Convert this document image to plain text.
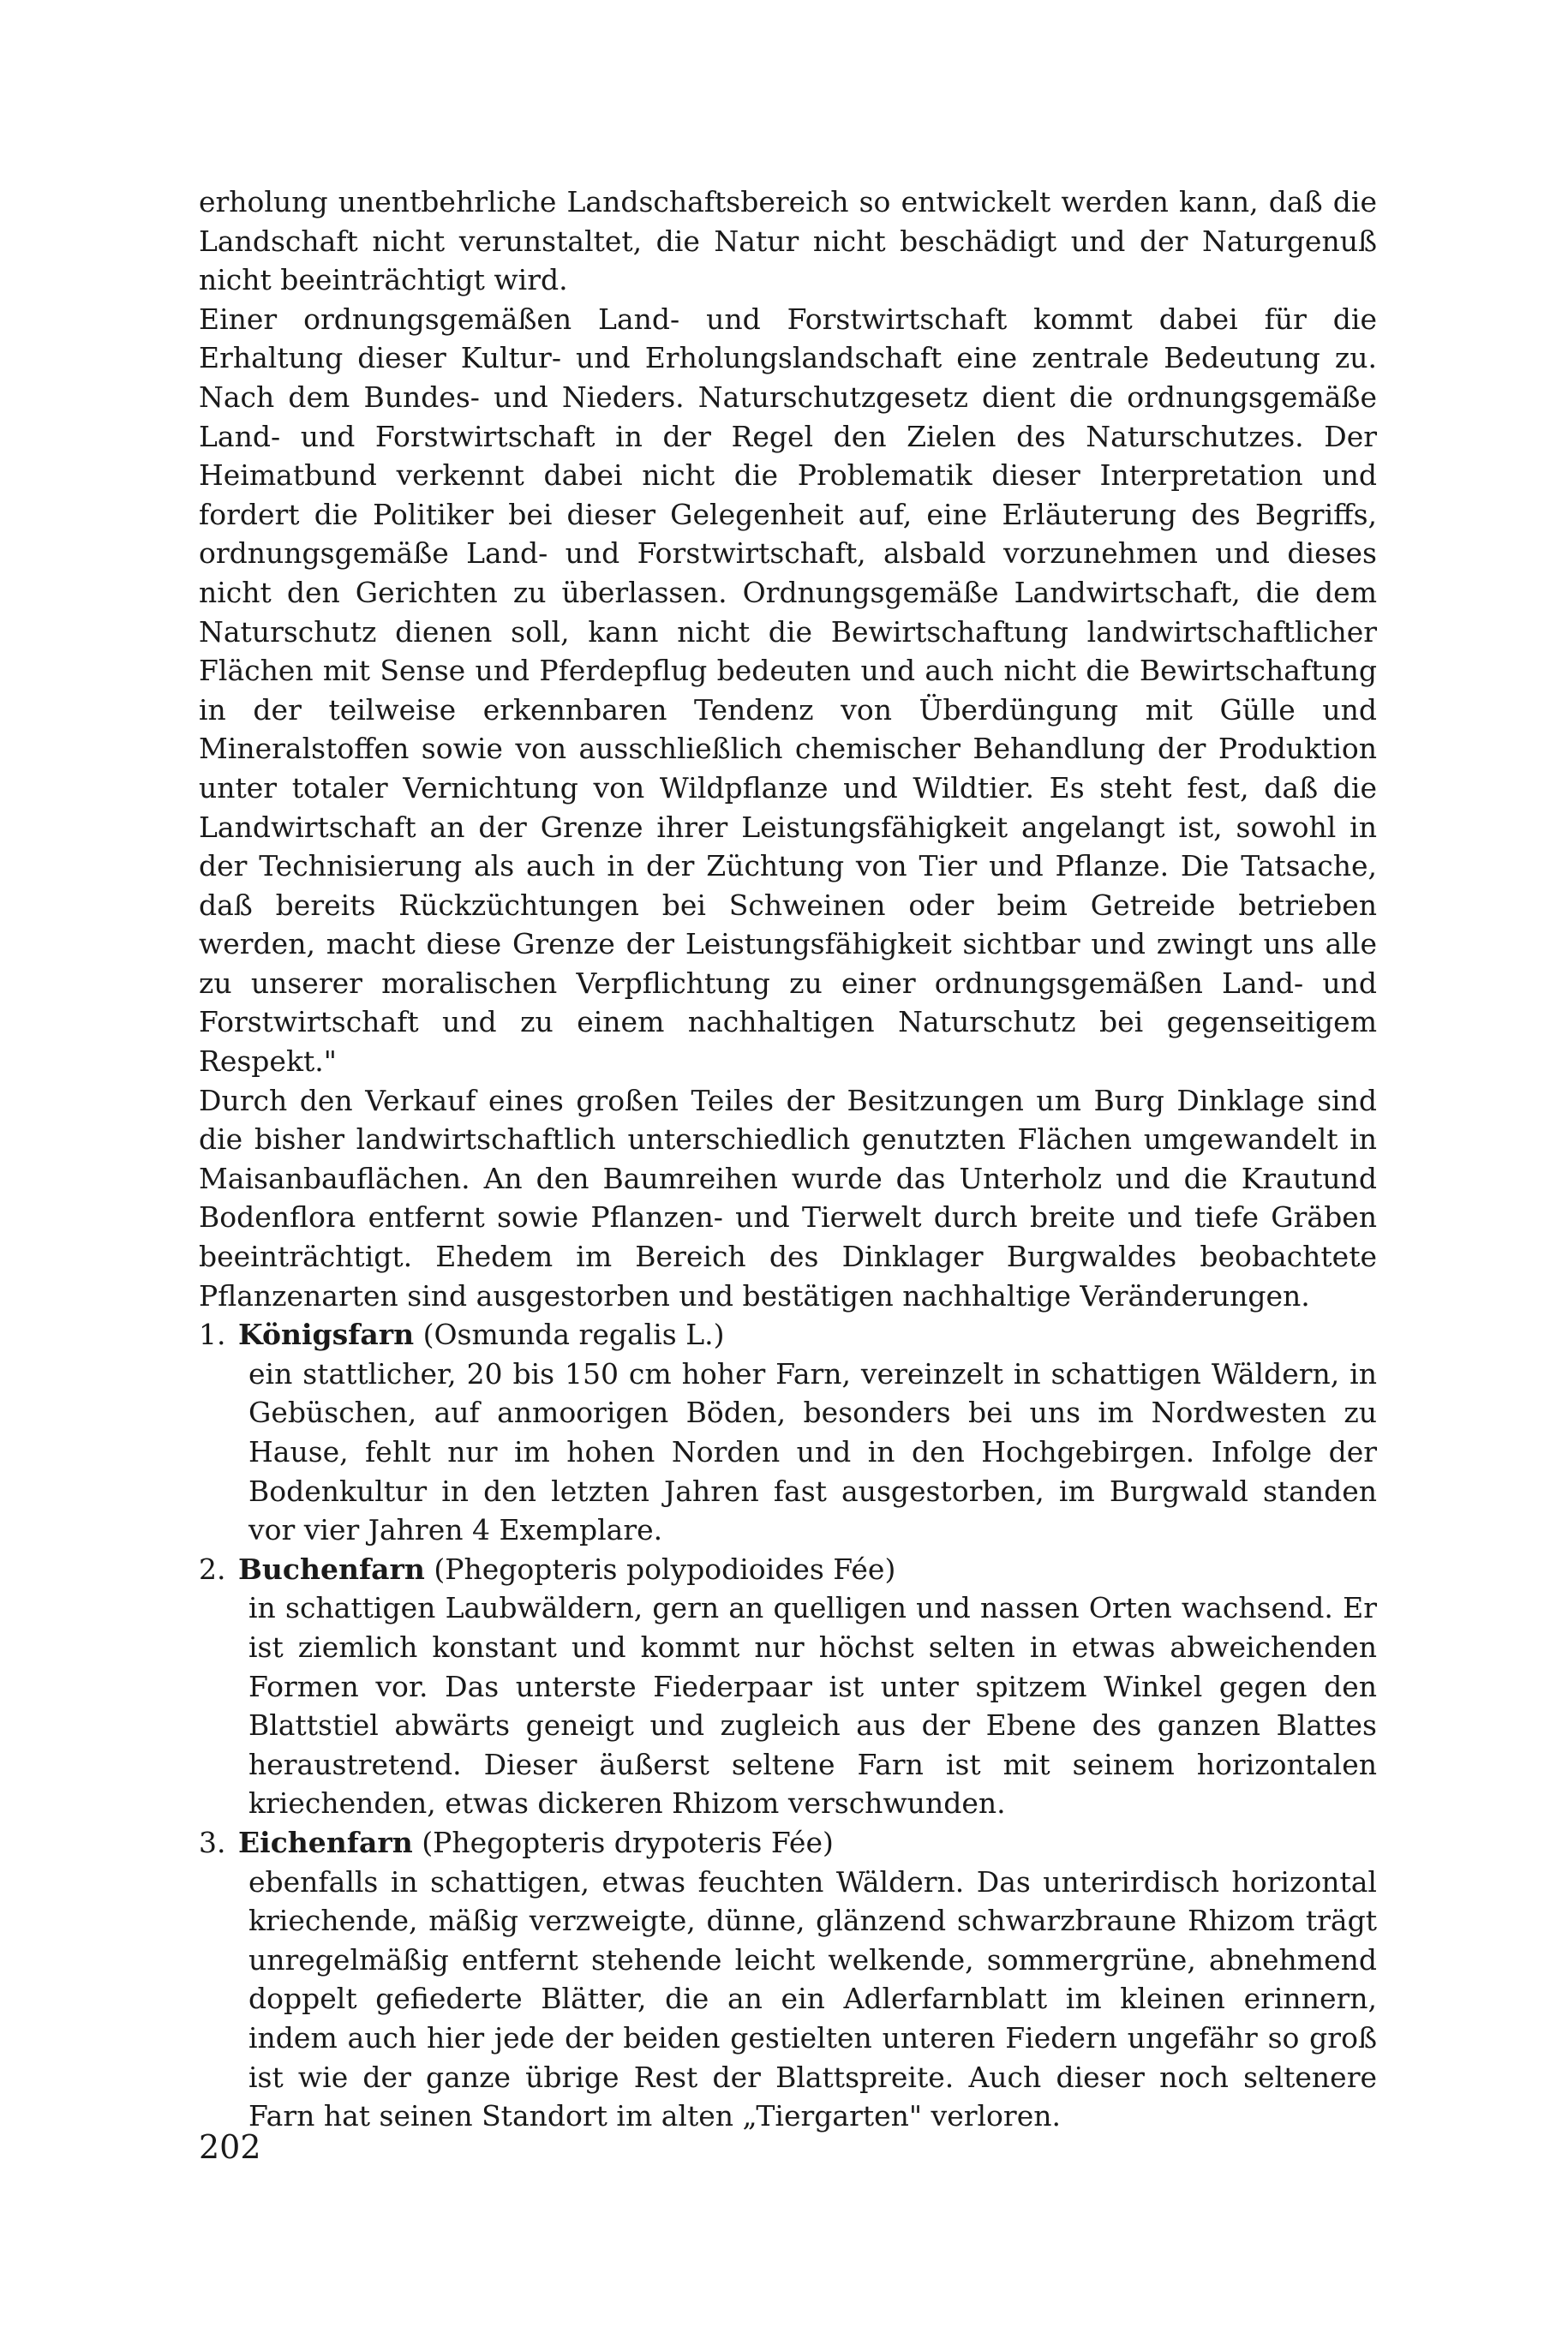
erholung unentbehrliche Landschaftsbereich so entwickelt werden kann, daß die Landschaft nicht verunstaltet, die Natur nicht beschädigt und der Naturgenuß nicht beeinträchtigt wird.

Einer ordnungsgemäßen Land- und Forstwirtschaft kommt dabei für die Erhaltung dieser Kultur- und Erholungslandschaft eine zentrale Bedeutung zu. Nach dem Bundes- und Nieders. Naturschutzgesetz dient die ordnungsgemäße Land- und Forstwirtschaft in der Regel den Zielen des Naturschutzes. Der Heimatbund verkennt dabei nicht die Problematik dieser Interpretation und fordert die Politiker bei dieser Gelegenheit auf, eine Erläuterung des Begriffs, ordnungsgemäße Land- und Forstwirtschaft, alsbald vorzunehmen und dieses nicht den Gerichten zu überlassen. Ordnungsgemäße Landwirtschaft, die dem Naturschutz dienen soll, kann nicht die Bewirtschaftung landwirtschaftlicher Flächen mit Sense und Pferdepflug bedeuten und auch nicht die Bewirtschaftung in der teilweise erkennbaren Tendenz von Überdüngung mit Gülle und Mineralstoffen sowie von ausschließlich chemischer Behandlung der Produktion unter totaler Vernichtung von Wildpflanze und Wildtier. Es steht fest, daß die Landwirtschaft an der Grenze ihrer Leistungsfähigkeit angelangt ist, sowohl in der Technisierung als auch in der Züchtung von Tier und Pflanze. Die Tatsache, daß bereits Rückzüchtungen bei Schweinen oder beim Getreide betrieben werden, macht diese Grenze der Leistungsfähigkeit sichtbar und zwingt uns alle zu unserer moralischen Verpflichtung zu einer ordnungsgemäßen Land- und Forstwirtschaft und zu einem nachhaltigen Naturschutz bei gegenseitigem Respekt."

Durch den Verkauf eines großen Teiles der Besitzungen um Burg Dinklage sind die bisher landwirtschaftlich unterschiedlich genutzten Flächen umgewandelt in Maisanbauflächen. An den Baumreihen wurde das Unterholz und die Krautund Bodenflora entfernt sowie Pflanzen- und Tierwelt durch breite und tiefe Gräben beeinträchtigt. Ehedem im Bereich des Dinklager Burgwaldes beobachtete Pflanzenarten sind ausgestorben und bestätigen nachhaltige Veränderungen.

1. Königsfarn (Osmunda regalis L.)
ein stattlicher, 20 bis 150 cm hoher Farn, vereinzelt in schattigen Wäldern, in Gebüschen, auf anmoorigen Böden, besonders bei uns im Nordwesten zu Hause, fehlt nur im hohen Norden und in den Hochgebirgen. Infolge der Bodenkultur in den letzten Jahren fast ausgestorben, im Burgwald standen vor vier Jahren 4 Exemplare.
2. Buchenfarn (Phegopteris polypodioides Fée)
in schattigen Laubwäldern, gern an quelligen und nassen Orten wachsend. Er ist ziemlich konstant und kommt nur höchst selten in etwas abweichenden Formen vor. Das unterste Fiederpaar ist unter spitzem Winkel gegen den Blattstiel abwärts geneigt und zugleich aus der Ebene des ganzen Blattes heraustretend. Dieser äußerst seltene Farn ist mit seinem horizontalen kriechenden, etwas dickeren Rhizom verschwunden.
3. Eichenfarn (Phegopteris drypoteris Fée)
ebenfalls in schattigen, etwas feuchten Wäldern. Das unterirdisch horizontal kriechende, mäßig verzweigte, dünne, glänzend schwarzbraune Rhizom trägt unregelmäßig entfernt stehende leicht welkende, sommergrüne, abnehmend doppelt gefiederte Blätter, die an ein Adlerfarnblatt im kleinen erinnern, indem auch hier jede der beiden gestielten unteren Fiedern ungefähr so groß ist wie der ganze übrige Rest der Blattspreite. Auch dieser noch seltenere Farn hat seinen Standort im alten „Tiergarten" verloren.
202
